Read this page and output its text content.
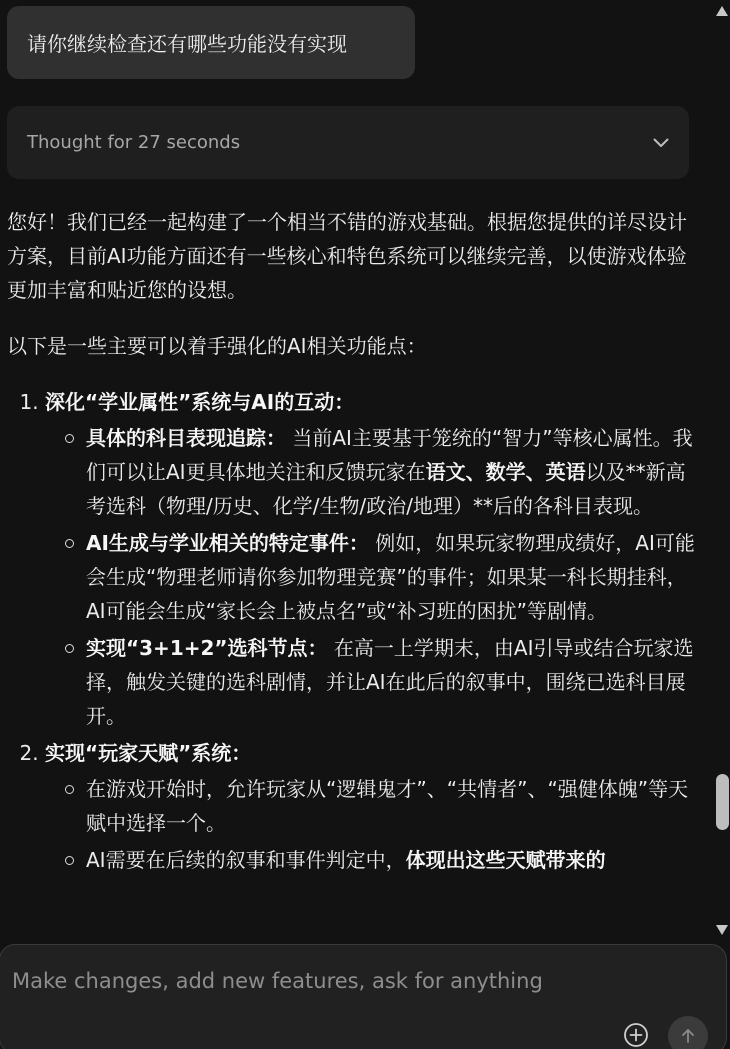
请你继续检查还有哪些功能没有实现
Thought for 27 seconds

您好！我们已经一起构建了一个相当不错的游戏基础。根据您提供的详尽设计方案，目前AI功能方面还有一些核心和特色系统可以继续完善，以使游戏体验更加丰富和贴近您的设想。

以下是一些主要可以着手强化的AI相关功能点：

1. 深化“学业属性”系统与AI的互动：
具体的科目表现追踪： 当前AI主要基于笼统的“智力”等核心属性。我们可以让AI更具体地关注和反馈玩家在语文、数学、英语以及**新高考选科（物理/历史、化学/生物/政治/地理）**后的各科目表现。
AI生成与学业相关的特定事件： 例如，如果玩家物理成绩好，AI可能会生成“物理老师请你参加物理竞赛”的事件；如果某一科长期挂科，AI可能会生成“家长会上被点名”或“补习班的困扰”等剧情。
实现“3+1+2”选科节点： 在高一上学期末，由AI引导或结合玩家选择，触发关键的选科剧情，并让AI在此后的叙事中，围绕已选科目展开。
2. 实现“玩家天赋”系统：
在游戏开始时，允许玩家从“逻辑鬼才”、“共情者”、“强健体魄”等天赋中选择一个。
AI需要在后续的叙事和事件判定中，体现出这些天赋带来的
Make changes, add new features, ask for anything
